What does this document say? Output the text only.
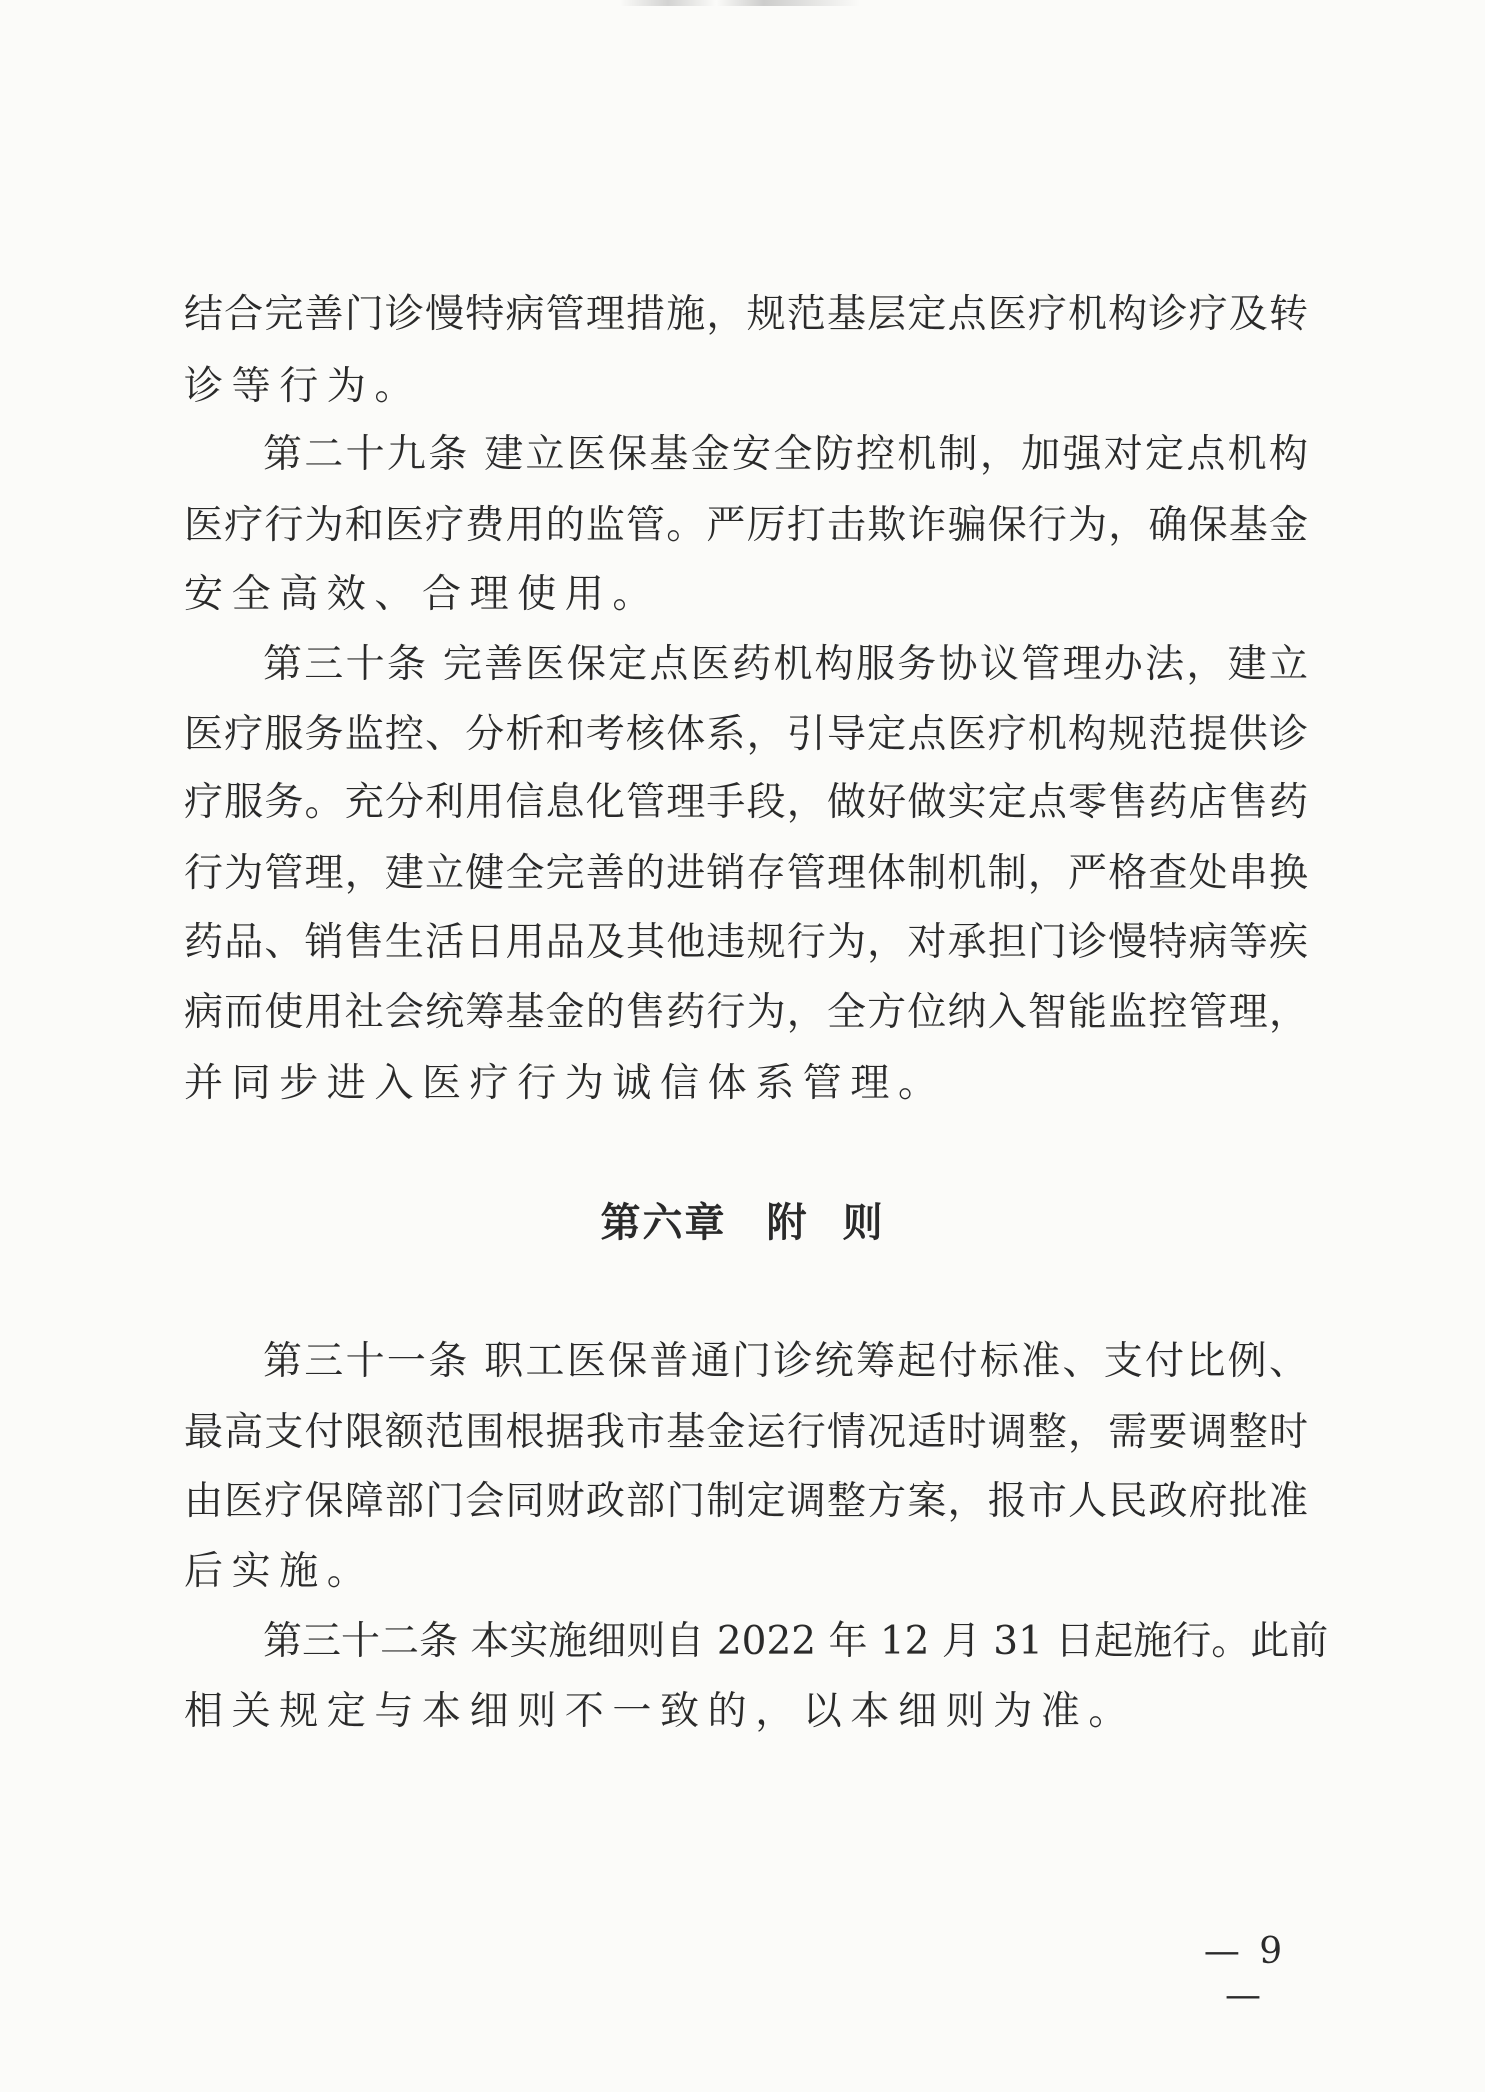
结合完善门诊慢特病管理措施，规范基层定点医疗机构诊疗及转
诊等行为。
第二十九条 建立医保基金安全防控机制，加强对定点机构
医疗行为和医疗费用的监管。严厉打击欺诈骗保行为，确保基金
安全高效、合理使用。
第三十条 完善医保定点医药机构服务协议管理办法，建立
医疗服务监控、分析和考核体系，引导定点医疗机构规范提供诊
疗服务。充分利用信息化管理手段，做好做实定点零售药店售药
行为管理，建立健全完善的进销存管理体制机制，严格查处串换
药品、销售生活日用品及其他违规行为，对承担门诊慢特病等疾
病而使用社会统筹基金的售药行为，全方位纳入智能监控管理，
并同步进入医疗行为诚信体系管理。
第六章 附 则
第三十一条 职工医保普通门诊统筹起付标准、支付比例、
最高支付限额范围根据我市基金运行情况适时调整，需要调整时
由医疗保障部门会同财政部门制定调整方案，报市人民政府批准
后实施。
第三十二条 本实施细则自 2022 年 12 月 31 日起施行。此前
相关规定与本细则不一致的，以本细则为准。
— 9 —
